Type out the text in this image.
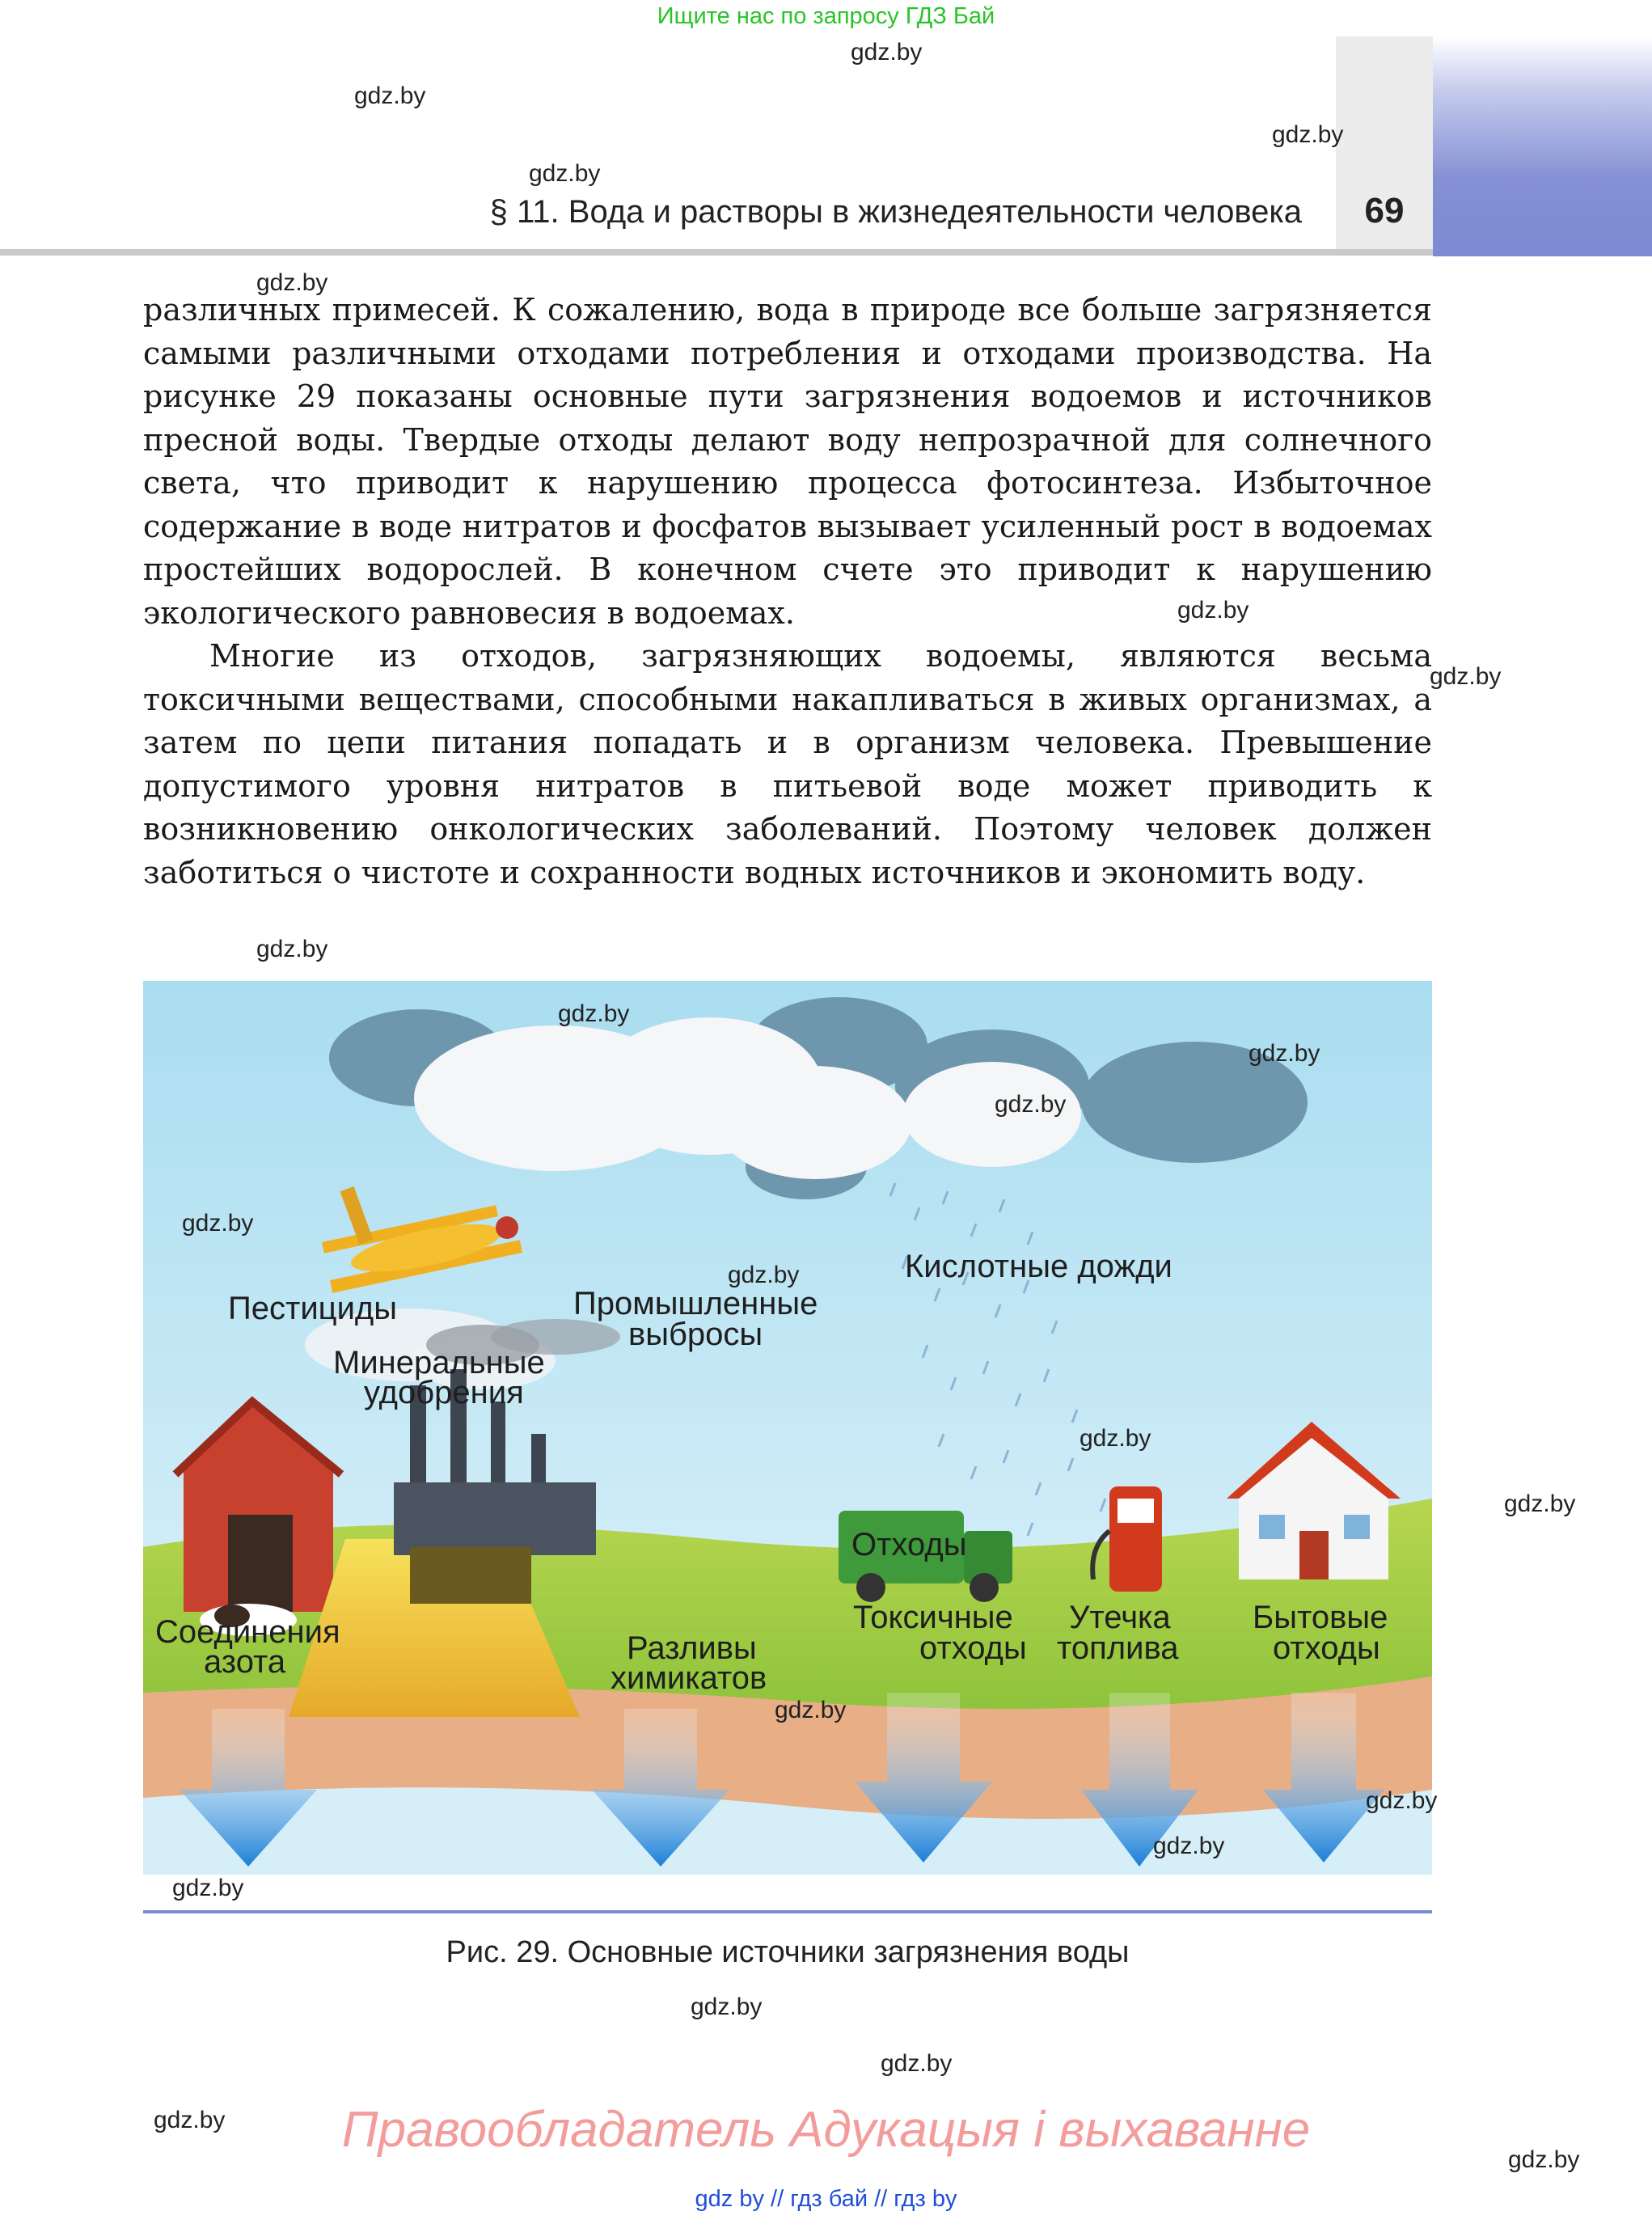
Ищите нас по запросу ГДЗ Бай
69
§ 11. Вода и растворы в жизнедеятельности человека
различных примесей. К сожалению, вода в природе все больше загрязняется самыми различными отходами потребления и отходами производства. На рисунке 29 показаны основные пути загрязнения водоемов и источников пресной воды. Твердые отходы делают воду непрозрачной для солнечного света, что приводит к нарушению процесса фотосинтеза. Избыточное содержание в воде нитратов и фосфатов вызывает усиленный рост в водоемах простейших водорослей. В конечном счете это приводит к нарушению экологического равновесия в водоемах.
Многие из отходов, загрязняющих водоемы, являются весьма токсичными веществами, способными накапливаться в живых организмах, а затем по цепи питания попадать и в организм человека. Превышение допустимого уровня нитратов в питьевой воде может приводить к возникновению онкологических заболеваний. Поэтому человек должен заботиться о чистоте и сохранности водных источников и экономить воду.
Пестициды
Минеральные
удобрения
Промышленные
выбросы
Кислотные дожди
Отходы
Соединения
азота	Разливы
химикатов
Токсичные
отходы
Утечка
топлива
Бытовые
отходы
Рис. 29. Основные источники загрязнения воды
gdz.by
gdz.by
gdz.by
gdz.by
gdz.by
gdz.by
gdz.by
gdz.by
gdz.by
gdz.by
gdz.by
gdz.by
gdz.by
gdz.by
gdz.by
gdz.by
gdz.by
gdz.by
gdz.by
gdz.by
gdz.by
gdz.by
gdz.by
Правообладатель Адукацыя і выхаванне
gdz by // гдз бай // гдз by
